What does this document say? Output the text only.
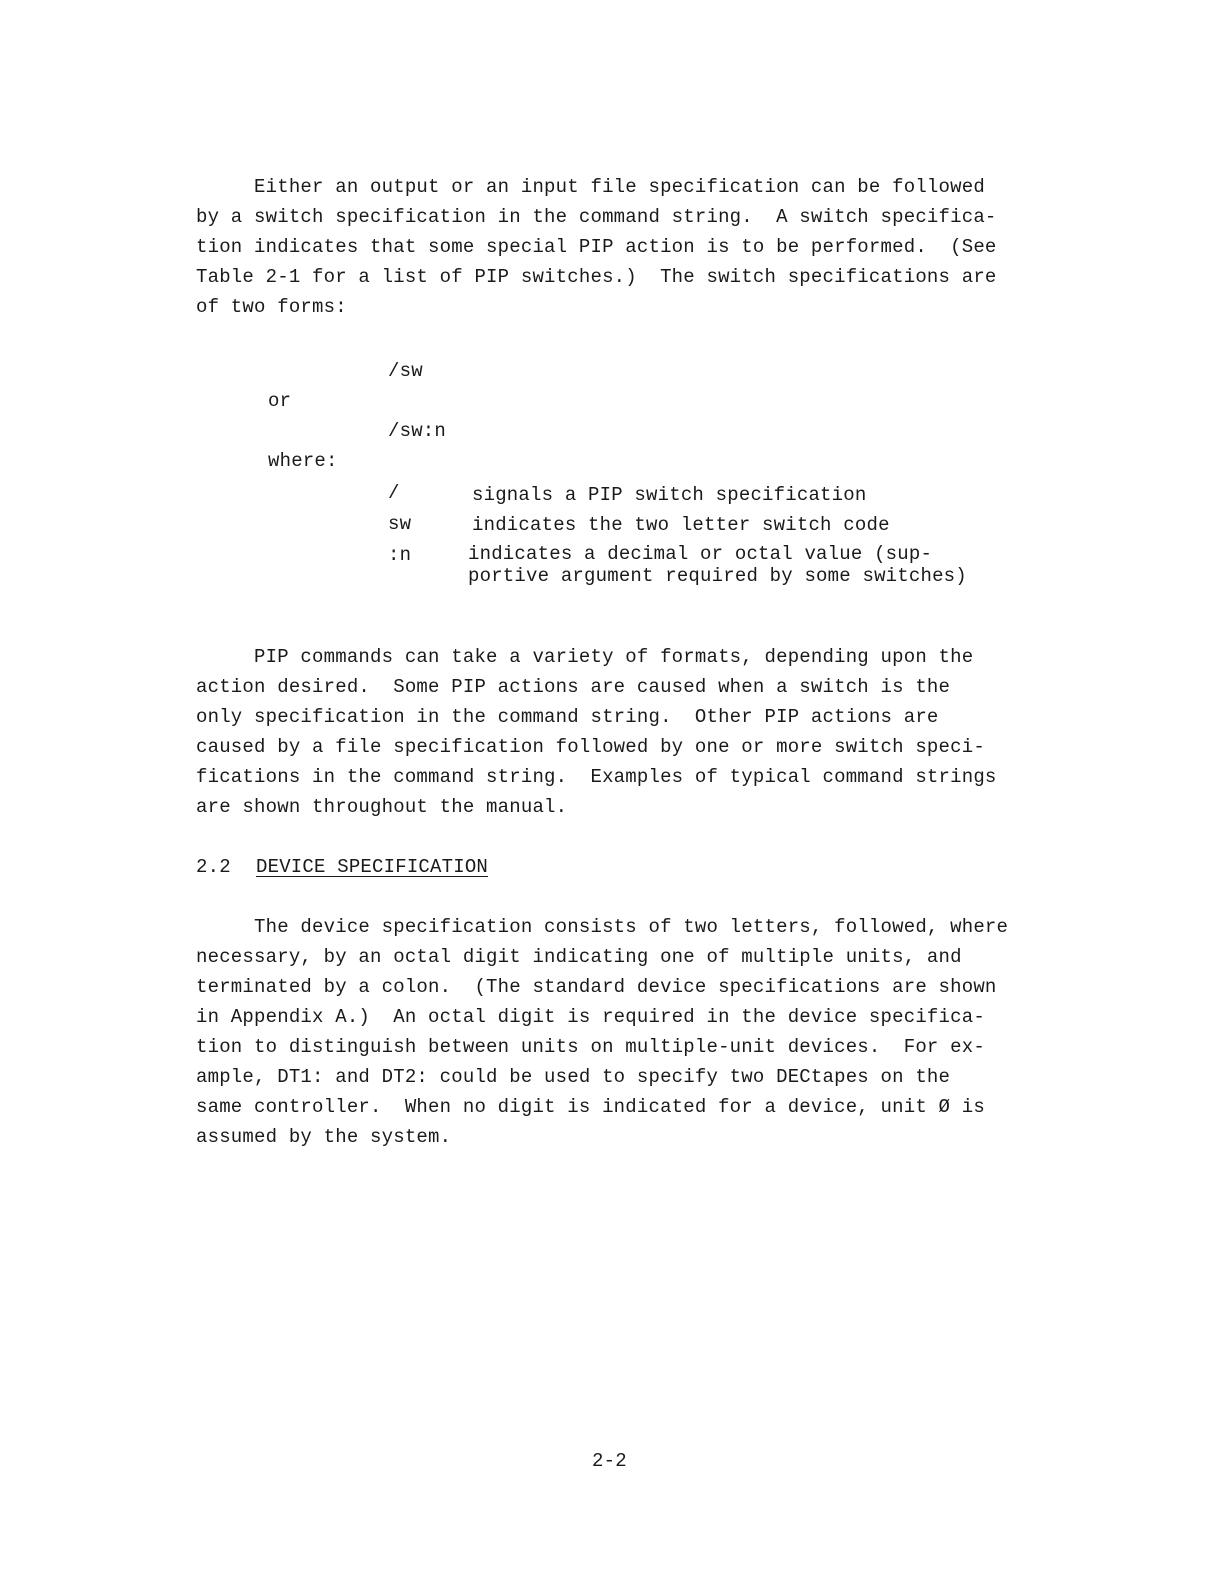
Either an output or an input file specification can be followed
by a switch specification in the command string.  A switch specifica-
tion indicates that some special PIP action is to be performed.  (See
Table 2-1 for a list of PIP switches.)  The switch specifications are
of two forms:
/sw
or
/sw:n
where:
/	signals a PIP switch specification
sw	indicates the two letter switch code
:n	indicates a decimal or octal value (sup-
portive argument required by some switches)
PIP commands can take a variety of formats, depending upon the
action desired.  Some PIP actions are caused when a switch is the
only specification in the command string.  Other PIP actions are
caused by a file specification followed by one or more switch speci-
fications in the command string.  Examples of typical command strings
are shown throughout the manual.
2.2 DEVICE SPECIFICATION
The device specification consists of two letters, followed, where
necessary, by an octal digit indicating one of multiple units, and
terminated by a colon.  (The standard device specifications are shown
in Appendix A.)  An octal digit is required in the device specifica-
tion to distinguish between units on multiple-unit devices.  For ex-
ample, DT1: and DT2: could be used to specify two DECtapes on the
same controller.  When no digit is indicated for a device, unit Ø is
assumed by the system.
2-2
